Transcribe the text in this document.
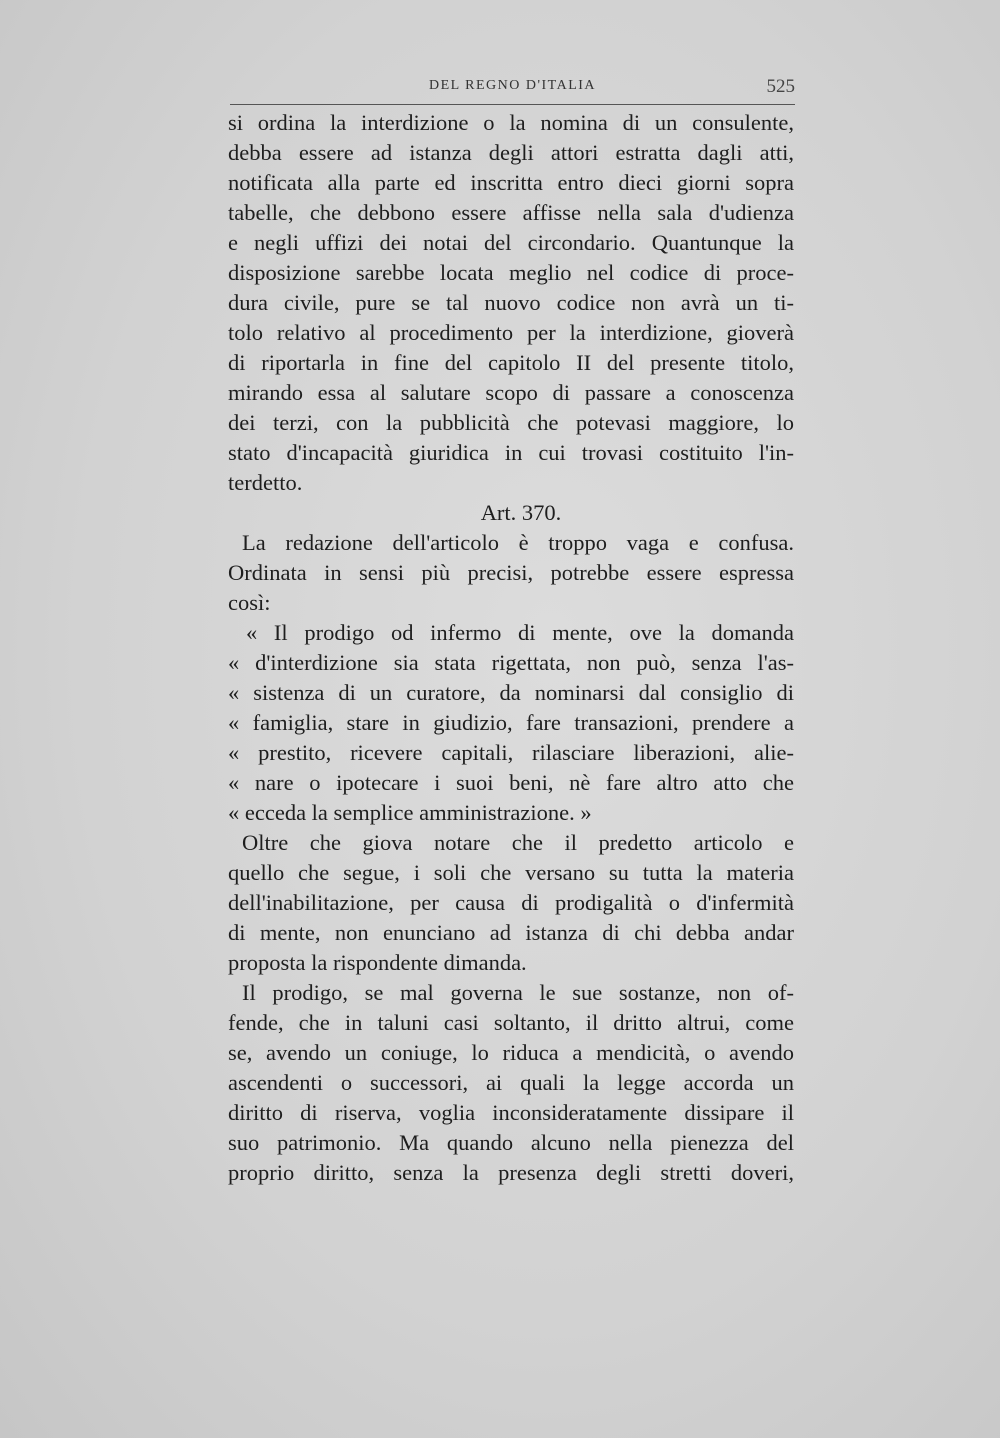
DEL REGNO D'ITALIA	525
si ordina la interdizione o la nomina di un consulente,
debba essere ad istanza degli attori estratta dagli atti,
notificata alla parte ed inscritta entro dieci giorni sopra
tabelle, che debbono essere affisse nella sala d'udienza
e negli uffizi dei notai del circondario. Quantunque la
disposizione sarebbe locata meglio nel codice di proce-
dura civile, pure se tal nuovo codice non avrà un ti-
tolo relativo al procedimento per la interdizione, gioverà
di riportarla in fine del capitolo II del presente titolo,
mirando essa al salutare scopo di passare a conoscenza
dei terzi, con la pubblicità che potevasi maggiore, lo
stato d'incapacità giuridica in cui trovasi costituito l'in-
terdetto.
Art. 370.
La redazione dell'articolo è troppo vaga e confusa.
Ordinata in sensi più precisi, potrebbe essere espressa
così:
« Il prodigo od infermo di mente, ove la domanda
« d'interdizione sia stata rigettata, non può, senza l'as-
« sistenza di un curatore, da nominarsi dal consiglio di
« famiglia, stare in giudizio, fare transazioni, prendere a
« prestito, ricevere capitali, rilasciare liberazioni, alie-
« nare o ipotecare i suoi beni, nè fare altro atto che
« ecceda la semplice amministrazione. »
Oltre che giova notare che il predetto articolo e
quello che segue, i soli che versano su tutta la materia
dell'inabilitazione, per causa di prodigalità o d'infermità
di mente, non enunciano ad istanza di chi debba andar
proposta la rispondente dimanda.
Il prodigo, se mal governa le sue sostanze, non of-
fende, che in taluni casi soltanto, il dritto altrui, come
se, avendo un coniuge, lo riduca a mendicità, o avendo
ascendenti o successori, ai quali la legge accorda un
diritto di riserva, voglia inconsideratamente dissipare il
suo patrimonio. Ma quando alcuno nella pienezza del
proprio diritto, senza la presenza degli stretti doveri,
